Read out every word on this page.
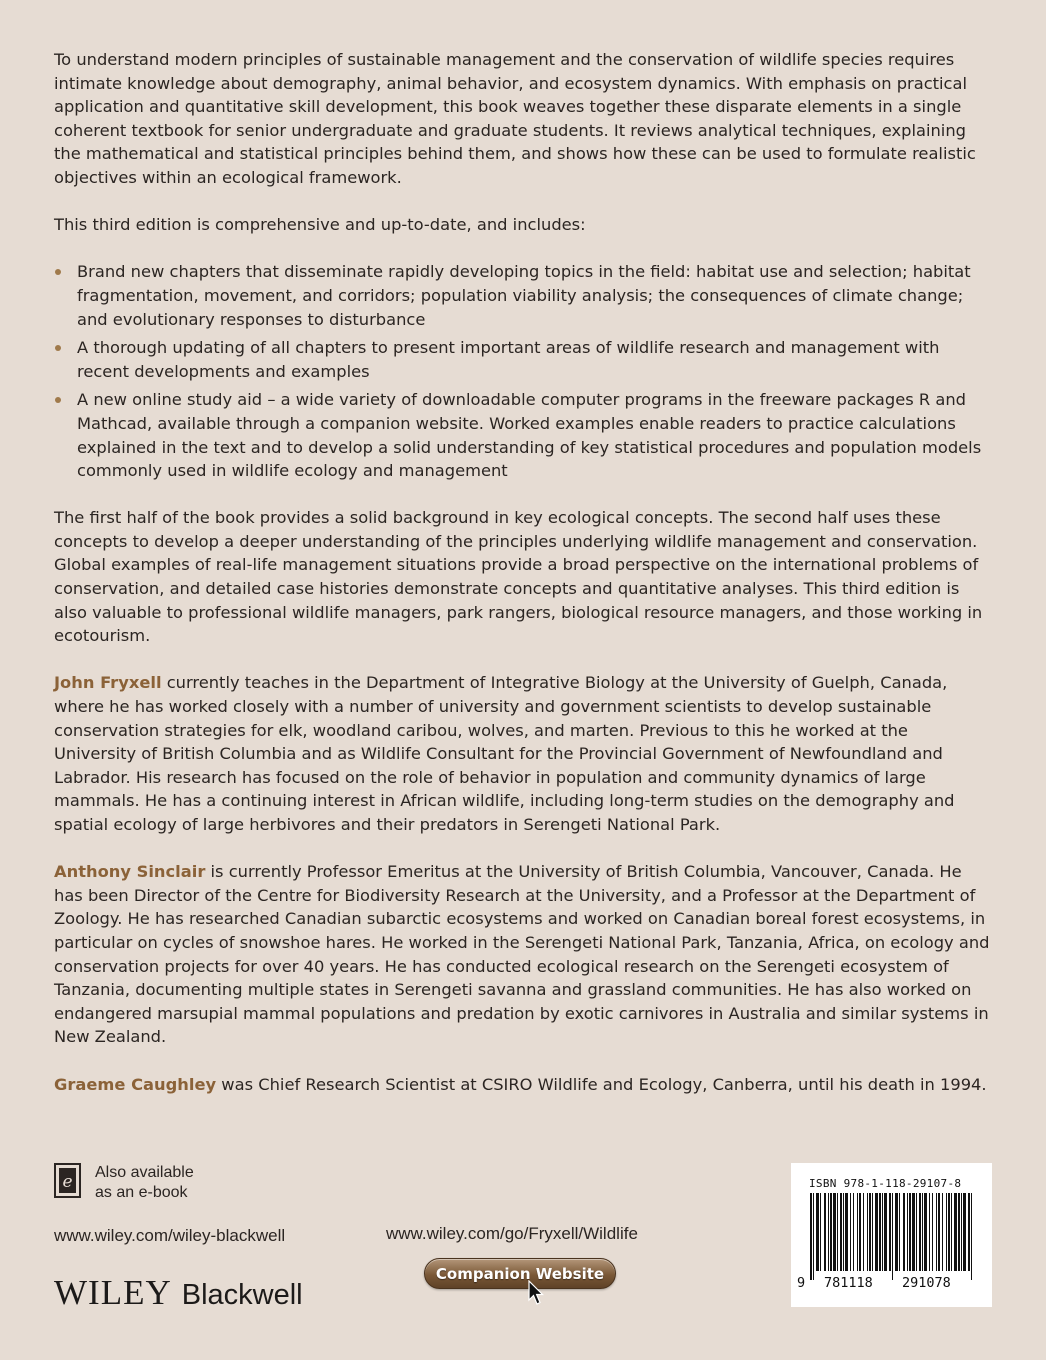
To understand modern principles of sustainable management and the conservation of wildlife species requires intimate knowledge about demography, animal behavior, and ecosystem dynamics. With emphasis on practical application and quantitative skill development, this book weaves together these disparate elements in a single coherent textbook for senior undergraduate and graduate students. It reviews analytical techniques, explaining the mathematical and statistical principles behind them, and shows how these can be used to formulate realistic objectives within an ecological framework.

This third edition is comprehensive and up-to-date, and includes:

Brand new chapters that disseminate rapidly developing topics in the field: habitat use and selection; habitat fragmentation, movement, and corridors; population viability analysis; the consequences of climate change; and evolutionary responses to disturbance
A thorough updating of all chapters to present important areas of wildlife research and management with recent developments and examples
A new online study aid – a wide variety of downloadable computer programs in the freeware packages R and Mathcad, available through a companion website. Worked examples enable readers to practice calculations explained in the text and to develop a solid understanding of key statistical procedures and population models commonly used in wildlife ecology and management

The first half of the book provides a solid background in key ecological concepts. The second half uses these concepts to develop a deeper understanding of the principles underlying wildlife management and conservation. Global examples of real-life management situations provide a broad perspective on the international problems of conservation, and detailed case histories demonstrate concepts and quantitative analyses. This third edition is also valuable to professional wildlife managers, park rangers, biological resource managers, and those working in ecotourism.

John Fryxell currently teaches in the Department of Integrative Biology at the University of Guelph, Canada, where he has worked closely with a number of university and government scientists to develop sustainable conservation strategies for elk, woodland caribou, wolves, and marten. Previous to this he worked at the University of British Columbia and as Wildlife Consultant for the Provincial Government of Newfoundland and Labrador. His research has focused on the role of behavior in population and community dynamics of large mammals. He has a continuing interest in African wildlife, including long-term studies on the demography and spatial ecology of large herbivores and their predators in Serengeti National Park.

Anthony Sinclair is currently Professor Emeritus at the University of British Columbia, Vancouver, Canada. He has been Director of the Centre for Biodiversity Research at the University, and a Professor at the Department of Zoology. He has researched Canadian subarctic ecosystems and worked on Canadian boreal forest ecosystems, in particular on cycles of snowshoe hares. He worked in the Serengeti National Park, Tanzania, Africa, on ecology and conservation projects for over 40 years. He has conducted ecological research on the Serengeti ecosystem of Tanzania, documenting multiple states in Serengeti savanna and grassland communities. He has also worked on endangered marsupial mammal populations and predation by exotic carnivores in Australia and similar systems in New Zealand.

Graeme Caughley was Chief Research Scientist at CSIRO Wildlife and Ecology, Canberra, until his death in 1994.

e Also available
as an e-book
www.wiley.com/wiley-blackwell	www.wiley.com/go/Fryxell/Wildlife
WILEY Blackwell
Companion Website
ISBN 978-1-118-29107-8
9 781118 291078
